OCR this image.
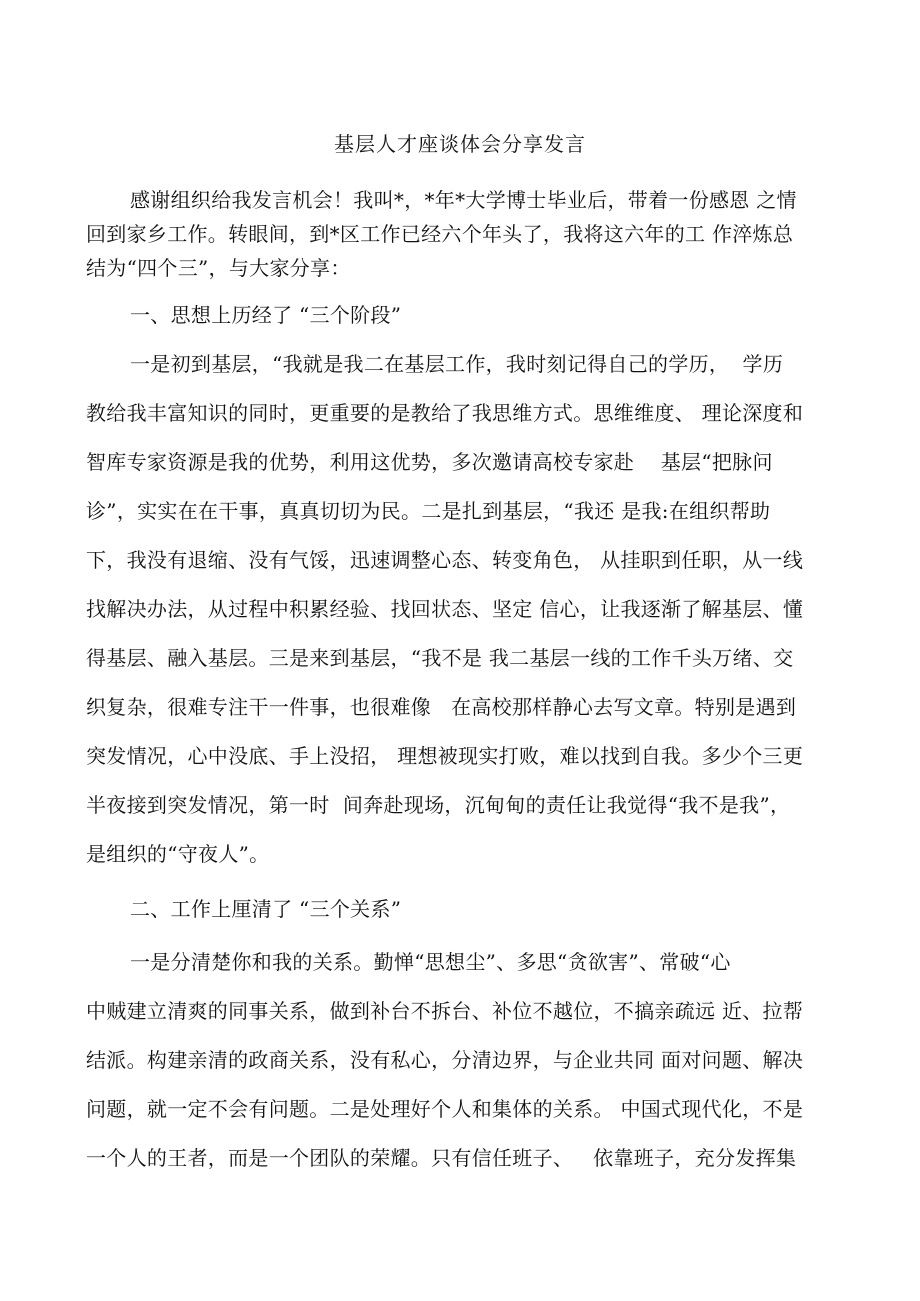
基层人才座谈体会分享发言
感谢组织给我发言机会！我叫*，*年*大学博士毕业后，带着一份感恩 之情
回到家乡工作。转眼间，到*区工作已经六个年头了，我将这六年的工 作淬炼总
结为“四个三”，与大家分享：
一、思想上历经了 “三个阶段”
一是初到基层，“我就是我二在基层工作，我时刻记得自己的学历，  学历
教给我丰富知识的同时，更重要的是教给了我思维方式。思维维度、 理论深度和
智库专家资源是我的优势，利用这优势，多次邀请高校专家赴    基层“把脉问
诊”，实实在在干事，真真切切为民。二是扎到基层，“我还 是我:在组织帮助
下，我没有退缩、没有气馁，迅速调整心态、转变角色， 从挂职到任职，从一线
找解决办法，从过程中积累经验、找回状态、坚定 信心，让我逐渐了解基层、懂
得基层、融入基层。三是来到基层，“我不是 我二基层一线的工作千头万绪、交
织复杂，很难专注干一件事，也很难像   在高校那样静心去写文章。特别是遇到
突发情况，心中没底、手上没招， 理想被现实打败，难以找到自我。多少个三更
半夜接到突发情况，第一时  间奔赴现场，沉甸甸的责任让我觉得“我不是我”，
是组织的“守夜人”。
二、工作上厘清了 “三个关系”
一是分清楚你和我的关系。勤惮“思想尘”、多思“贪欲害”、常破“心
中贼建立清爽的同事关系，做到补台不拆台、补位不越位，不搞亲疏远 近、拉帮
结派。构建亲清的政商关系，没有私心，分清边界，与企业共同 面对问题、解决
问题，就一定不会有问题。二是处理好个人和集体的关系。 中国式现代化，不是
一个人的王者，而是一个团队的荣耀。只有信任班子、   依靠班子，充分发挥集
